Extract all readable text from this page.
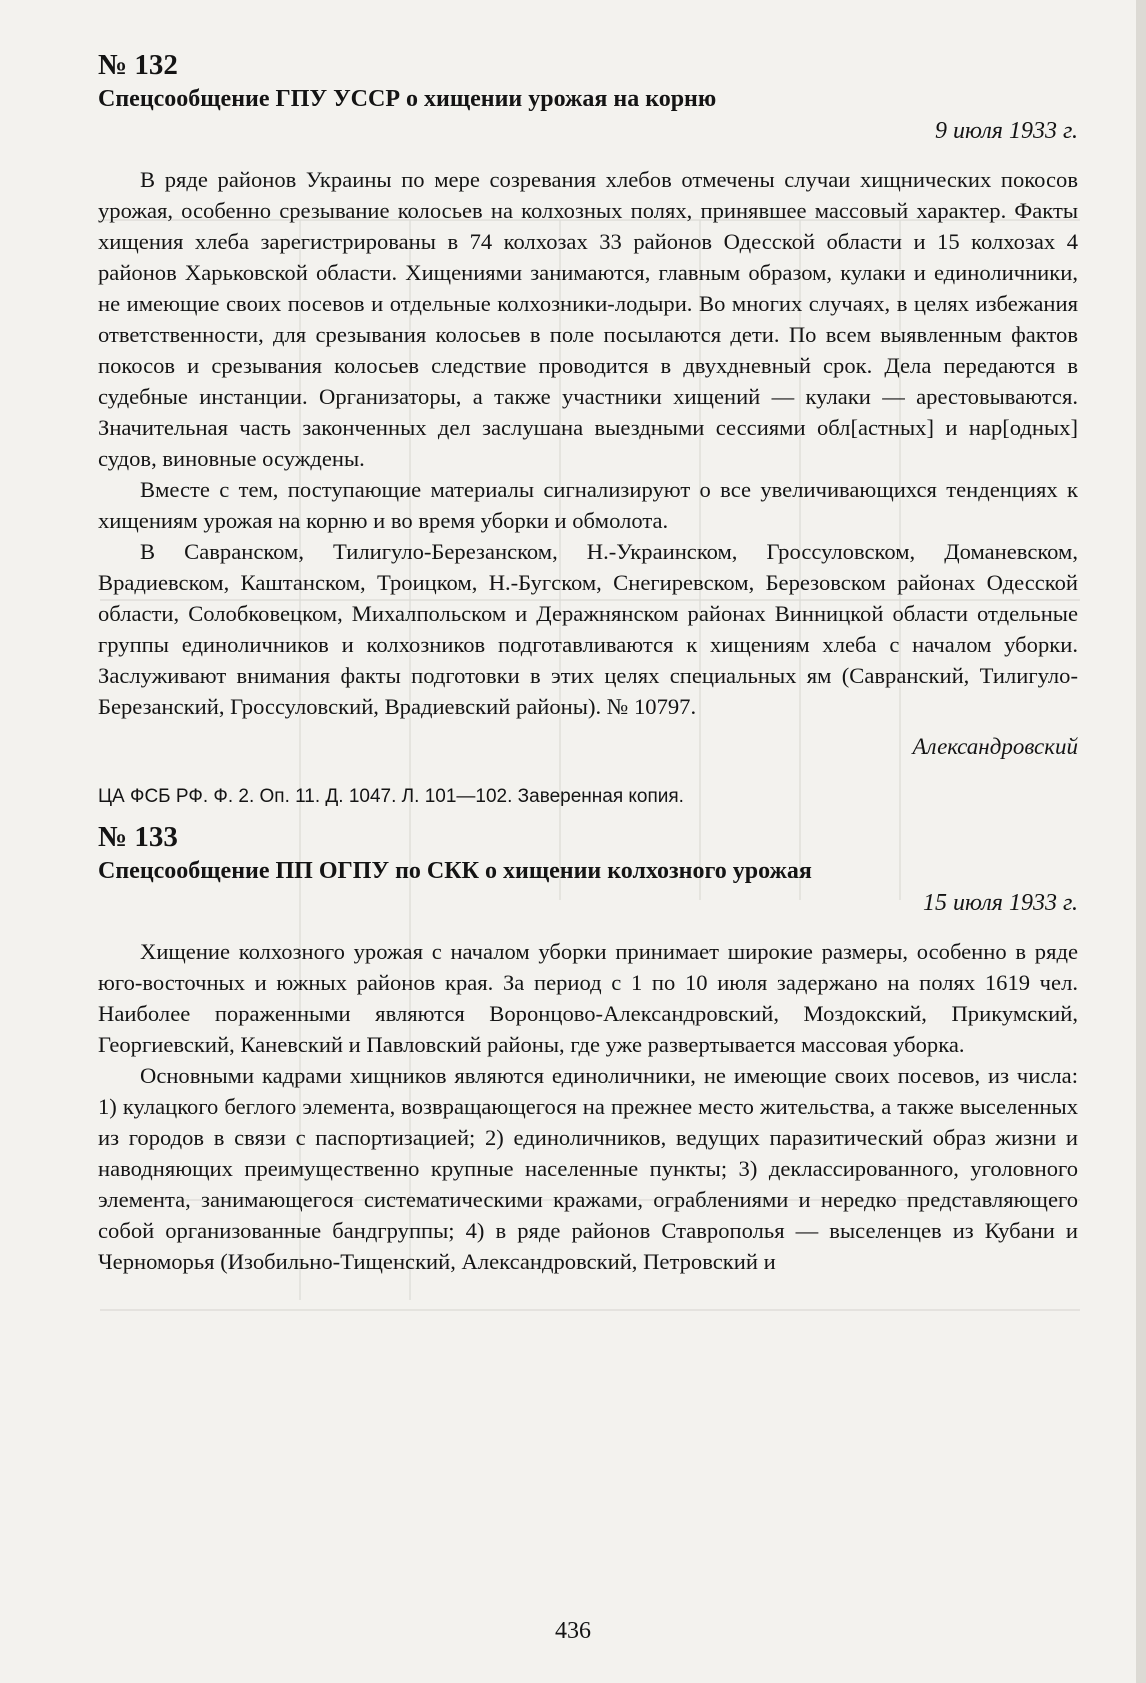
№ 132
Спецсообщение ГПУ УССР о хищении урожая на корню

9 июля 1933 г.

В ряде районов Украины по мере созревания хлебов отмечены случаи хищнических покосов урожая, особенно срезывание колосьев на колхозных полях, принявшее массовый характер. Факты хищения хлеба зарегистрированы в 74 колхозах 33 районов Одесской области и 15 колхозах 4 районов Харьковской области. Хищениями занимаются, главным образом, кулаки и единоличники, не имеющие своих посевов и отдельные колхозники-лодыри. Во многих случаях, в целях избежания ответственности, для срезывания колосьев в поле посылаются дети. По всем выявленным фактов покосов и срезывания колосьев следствие проводится в двухдневный срок. Дела передаются в судебные инстанции. Организаторы, а также участники хищений — кулаки — арестовываются. Значительная часть законченных дел заслушана выездными сессиями обл[астных] и нар[одных] судов, виновные осуждены.

Вместе с тем, поступающие материалы сигнализируют о все увеличивающихся тенденциях к хищениям урожая на корню и во время уборки и обмолота.

В Савранском, Тилигуло-Березанском, Н.-Украинском, Гроссуловском, Доманевском, Врадиевском, Каштанском, Троицком, Н.-Бугском, Снегиревском, Березовском районах Одесской области, Солобковецком, Михалпольском и Деражнянском районах Винницкой области отдельные группы единоличников и колхозников подготавливаются к хищениям хлеба с началом уборки. Заслуживают внимания факты подготовки в этих целях специальных ям (Савранский, Тилигуло-Березанский, Гроссуловский, Врадиевский районы). № 10797.

Александровский

ЦА ФСБ РФ. Ф. 2. Оп. 11. Д. 1047. Л. 101—102. Заверенная копия.

№ 133
Спецсообщение ПП ОГПУ по СКК о хищении колхозного урожая

15 июля 1933 г.

Хищение колхозного урожая с началом уборки принимает широкие размеры, особенно в ряде юго-восточных и южных районов края. За период с 1 по 10 июля задержано на полях 1619 чел. Наиболее пораженными являются Воронцово-Александровский, Моздокский, Прикумский, Георгиевский, Каневский и Павловский районы, где уже развертывается массовая уборка.

Основными кадрами хищников являются единоличники, не имеющие своих посевов, из числа: 1) кулацкого беглого элемента, возвращающегося на прежнее место жительства, а также выселенных из городов в связи с паспортизацией; 2) единоличников, ведущих паразитический образ жизни и наводняющих преимущественно крупные населенные пункты; 3) деклассированного, уголовного элемента, занимающегося систематическими кражами, ограблениями и нередко представляющего собой организованные бандгруппы; 4) в ряде районов Ставрополья — выселенцев из Кубани и Черноморья (Изобильно-Тищенский, Александровский, Петровский и

436
